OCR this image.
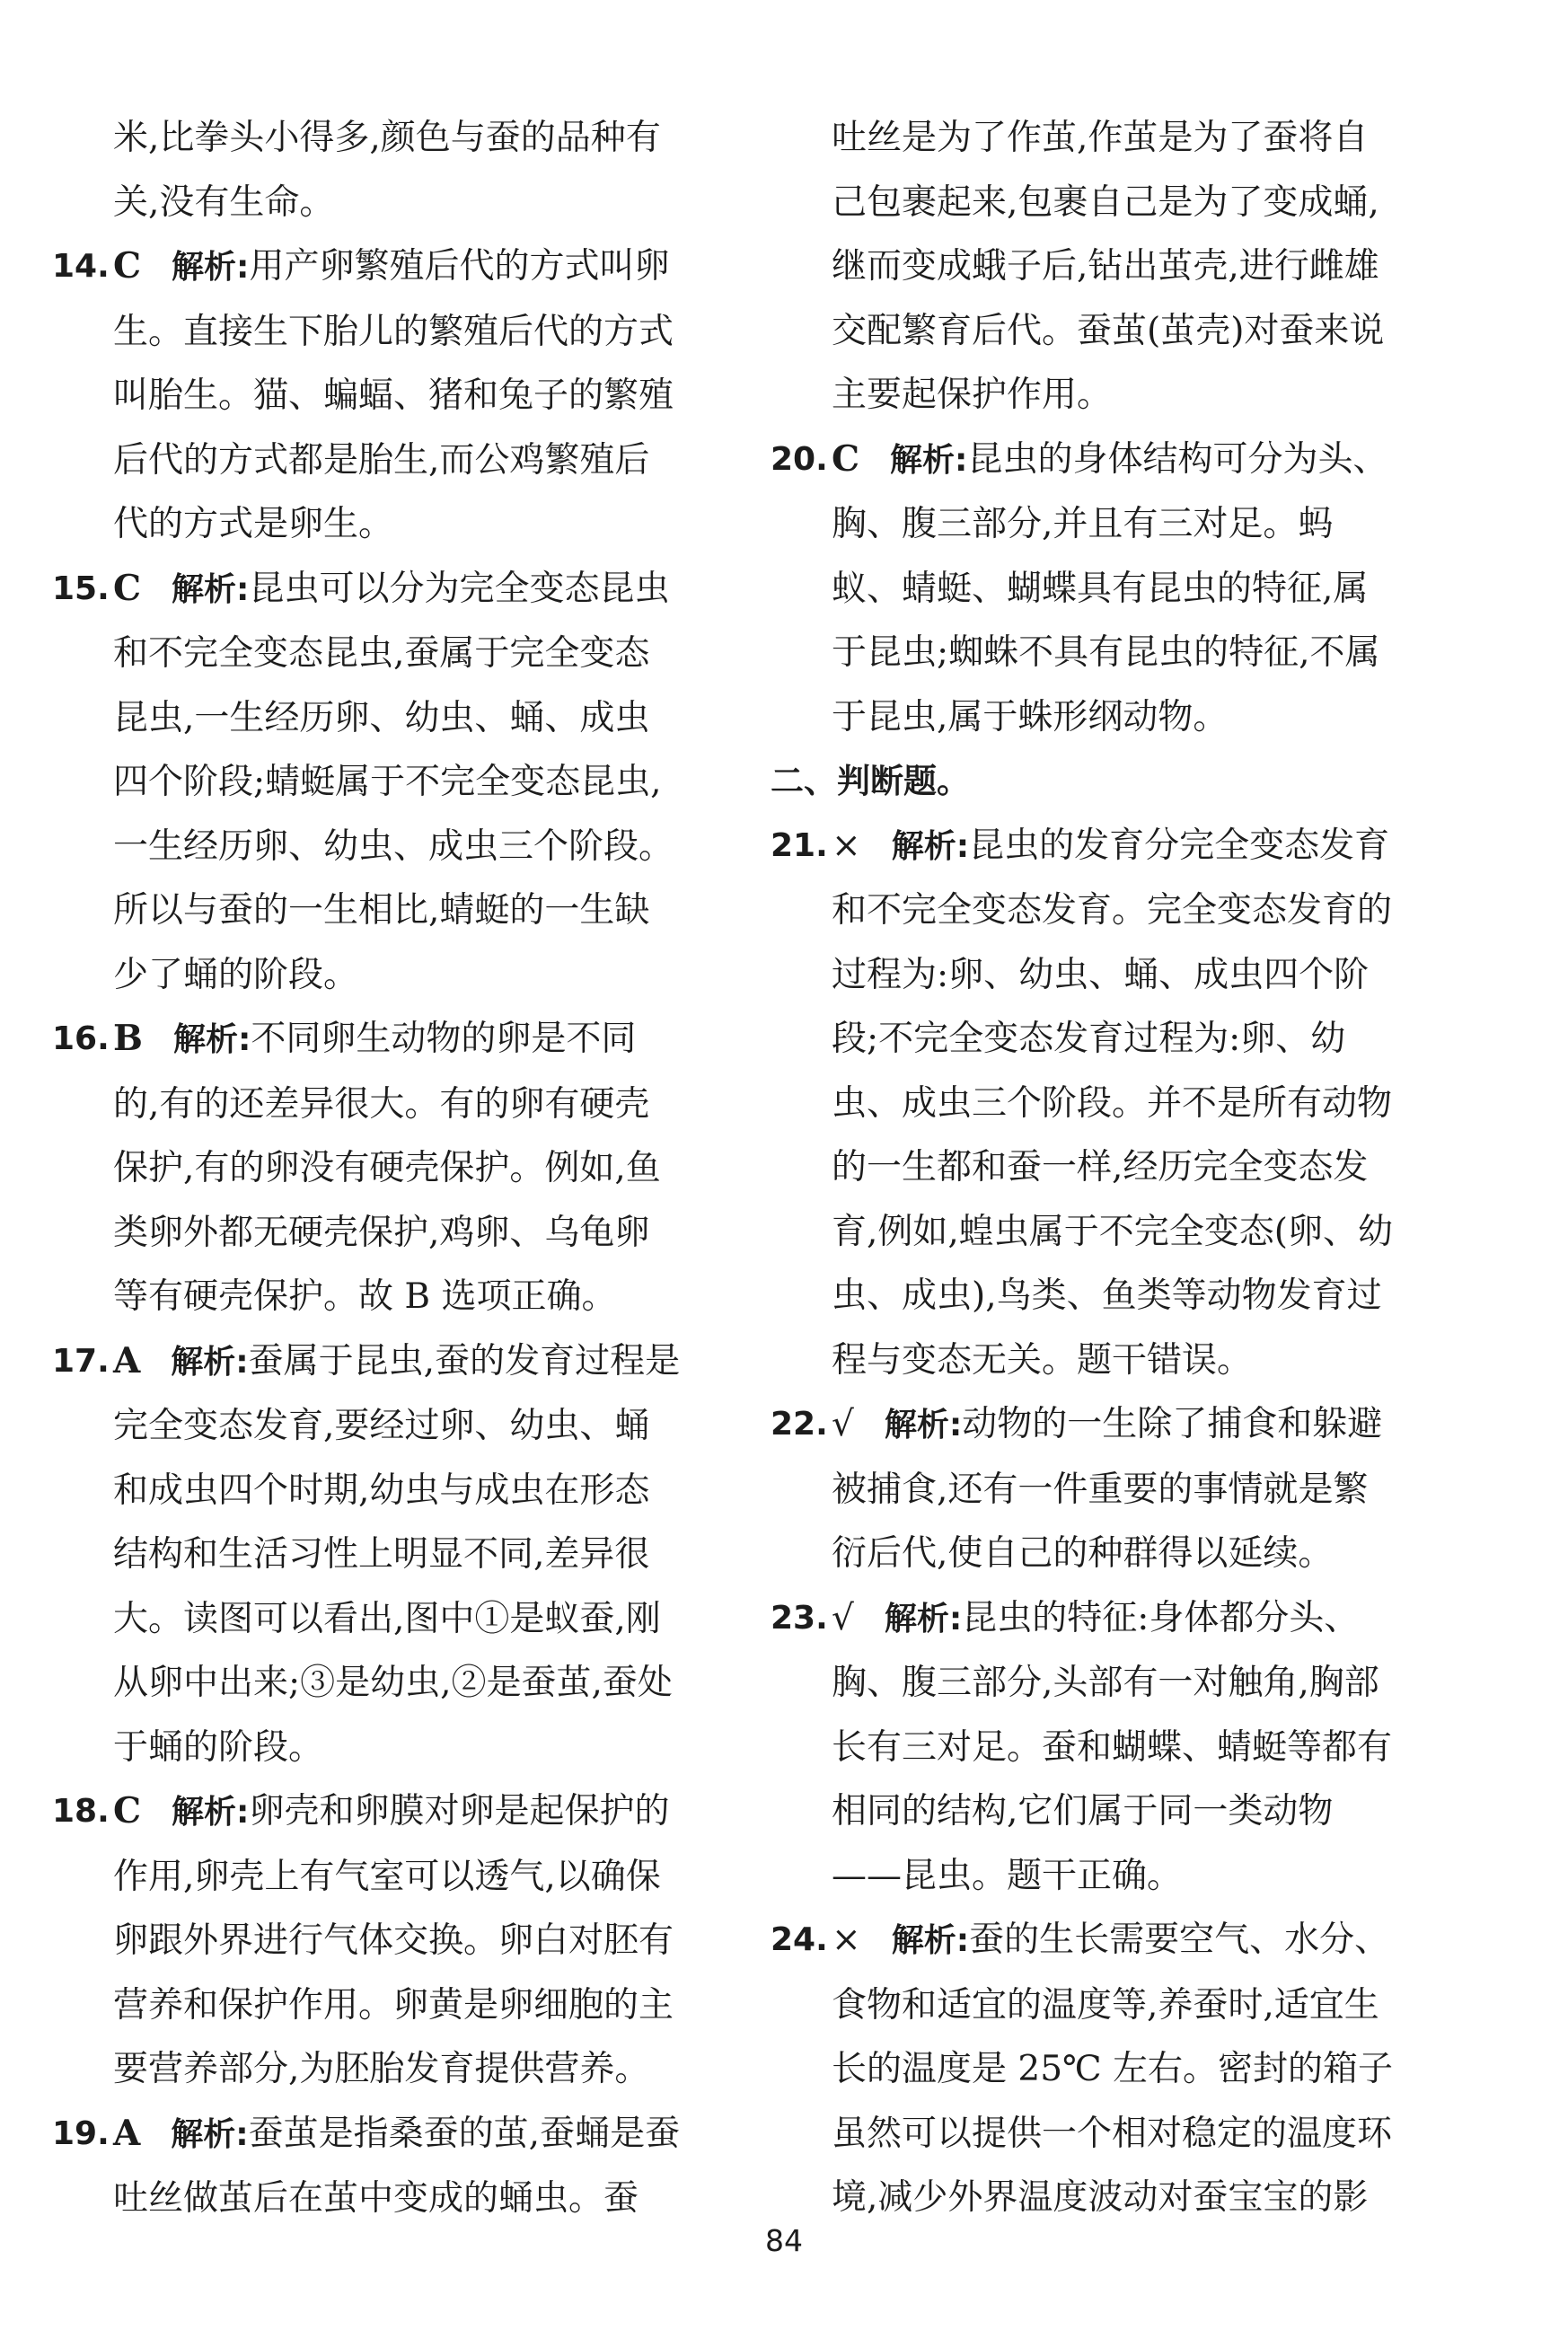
米,比拳头小得多,颜色与蚕的品种有关,没有生命。
14. C 解析:用产卵繁殖后代的方式叫卵生。直接生下胎儿的繁殖后代的方式叫胎生。猫、蝙蝠、猪和兔子的繁殖后代的方式都是胎生,而公鸡繁殖后代的方式是卵生。
15. C 解析:昆虫可以分为完全变态昆虫和不完全变态昆虫,蚕属于完全变态昆虫,一生经历卵、幼虫、蛹、成虫四个阶段;蜻蜓属于不完全变态昆虫,一生经历卵、幼虫、成虫三个阶段。所以与蚕的一生相比,蜻蜓的一生缺少了蛹的阶段。
16. B 解析:不同卵生动物的卵是不同的,有的还差异很大。有的卵有硬壳保护,有的卵没有硬壳保护。例如,鱼类卵外都无硬壳保护,鸡卵、乌龟卵等有硬壳保护。故 B 选项正确。
17. A 解析:蚕属于昆虫,蚕的发育过程是完全变态发育,要经过卵、幼虫、蛹和成虫四个时期,幼虫与成虫在形态结构和生活习性上明显不同,差异很大。读图可以看出,图中①是蚁蚕,刚从卵中出来;③是幼虫,②是蚕茧,蚕处于蛹的阶段。
18. C 解析:卵壳和卵膜对卵是起保护的作用,卵壳上有气室可以透气,以确保卵跟外界进行气体交换。卵白对胚有营养和保护作用。卵黄是卵细胞的主要营养部分,为胚胎发育提供营养。
19. A 解析:蚕茧是指桑蚕的茧,蚕蛹是蚕吐丝做茧后在茧中变成的蛹虫。蚕
吐丝是为了作茧,作茧是为了蚕将自己包裹起来,包裹自己是为了变成蛹,继而变成蛾子后,钻出茧壳,进行雌雄交配繁育后代。蚕茧(茧壳)对蚕来说主要起保护作用。
20. C 解析:昆虫的身体结构可分为头、胸、腹三部分,并且有三对足。蚂蚁、蜻蜓、蝴蝶具有昆虫的特征,属于昆虫;蜘蛛不具有昆虫的特征,不属于昆虫,属于蛛形纲动物。
二、判断题。
21. × 解析:昆虫的发育分完全变态发育和不完全变态发育。完全变态发育的过程为:卵、幼虫、蛹、成虫四个阶段;不完全变态发育过程为:卵、幼虫、成虫三个阶段。并不是所有动物的一生都和蚕一样,经历完全变态发育,例如,蝗虫属于不完全变态(卵、幼虫、成虫),鸟类、鱼类等动物发育过程与变态无关。题干错误。
22. √ 解析:动物的一生除了捕食和躲避被捕食,还有一件重要的事情就是繁衍后代,使自己的种群得以延续。
23. √ 解析:昆虫的特征:身体都分头、胸、腹三部分,头部有一对触角,胸部长有三对足。蚕和蝴蝶、蜻蜓等都有相同的结构,它们属于同一类动物——昆虫。题干正确。
24. × 解析:蚕的生长需要空气、水分、食物和适宜的温度等,养蚕时,适宜生长的温度是 25℃ 左右。密封的箱子虽然可以提供一个相对稳定的温度环境,减少外界温度波动对蚕宝宝的影
84
